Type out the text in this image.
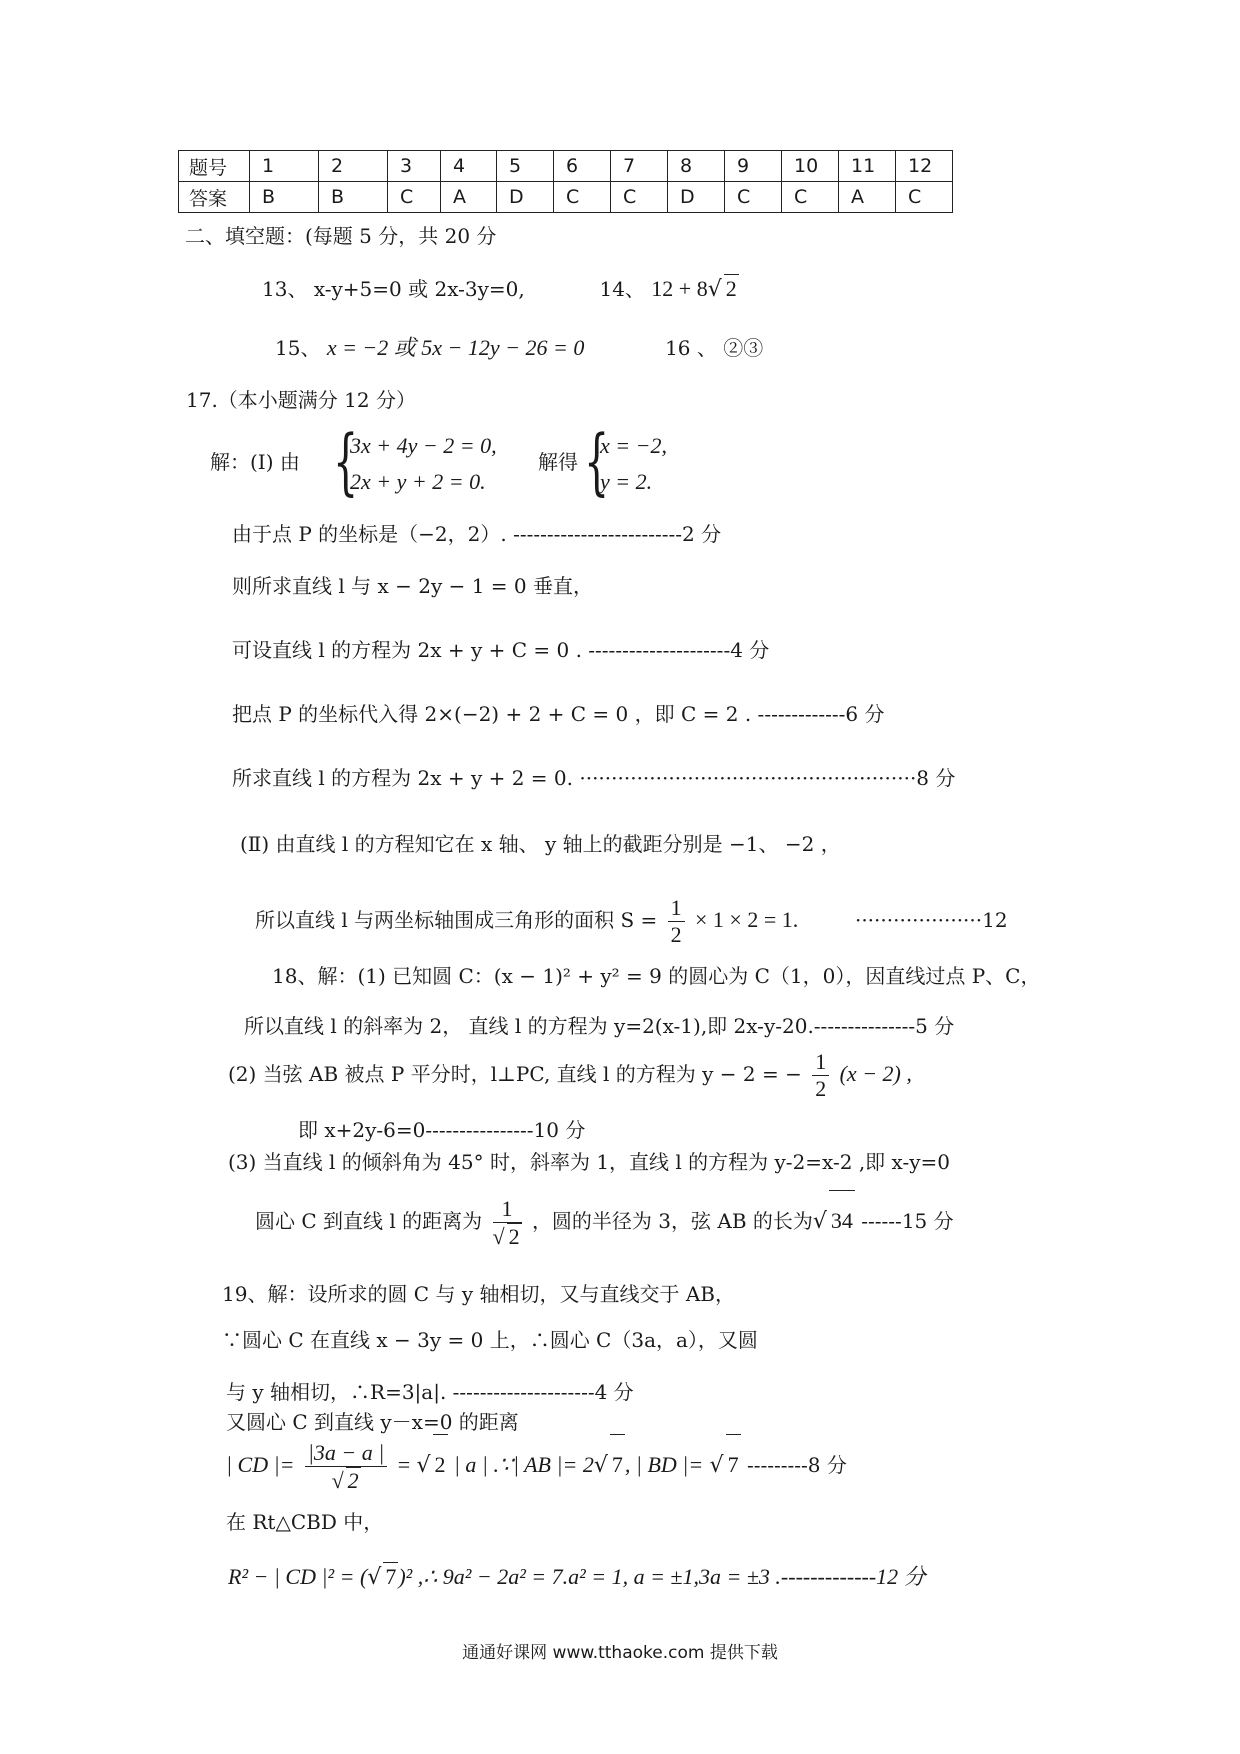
题号	1	2	3	4	5	6	7	8	9	10	11	12
答案	B	B	C	A	D	C	C	D	C	C	A	C
二、填空题：(每题 5 分，共 20 分
13、 x-y+5=0 或 2x-3y=0,	14、 12 + 8√ 2
15、 x = −2 或 5x − 12y − 26 = 0	16 、 ②③
17.（本小题满分 12 分）
解：(Ⅰ) 由 {
3x + 4y − 2 = 0,
2x + y + 2 = 0.
解得 {
x = −2,
y = 2.
由于点 P 的坐标是（−2，2）. -------------------------2 分
则所求直线 l 与 x − 2y − 1 = 0 垂直，
可设直线 l 的方程为 2x + y + C = 0 . ---------------------4 分
把点 P 的坐标代入得 2×(−2) + 2 + C = 0 ，即 C = 2 . -------------6 分
所求直线 l 的方程为 2x + y + 2 = 0. ·····················································8 分
(Ⅱ) 由直线 l 的方程知它在 x 轴、 y 轴上的截距分别是 −1、 −2 ，
所以直线 l 与两坐标轴围成三角形的面积 $S = \frac{1}{2} \times 1 \times 2 = 1$.	····················12
18、解：(1) 已知圆 C：(x − 1)² + y² = 9 的圆心为 C（1，0），因直线过点 P、C，
所以直线 l 的斜率为 2， 直线 l 的方程为 y=2(x-1),即 2x-y-20.---------------5 分
(2) 当弦 AB 被点 P 平分时，l⊥PC, 直线 l 的方程为 y − 2 = − $\frac{1}{2} (x - 2)$ ,
即 x+2y-6=0----------------10 分
(3) 当直线 l 的倾斜角为 45° 时，斜率为 1，直线 l 的方程为 y-2=x-2 ,即 x-y=0
圆心 C 到直线 l 的距离为 $\frac{1}{√ 2}$ ，圆的半径为 3，弦 AB 的长为√ 34 ------15 分
19、解：设所求的圆 C 与 y 轴相切，又与直线交于 AB，
∵圆心 C 在直线 x − 3y = 0 上，∴圆心 C（3a，a），又圆
与 y 轴相切，∴R=3|a|. ---------------------4 分
又圆心 C 到直线 y－x=0 的距离
| CD |= $\frac{|3a - a |}{√ 2}$ = √ 2 | a | .∵| AB |= 2√ 7, | BD |= √ 7 ---------8 分
在 Rt△CBD 中，
R² − | CD |² = (√ 7)² ,∴ 9a² − 2a² = 7.a² = 1, a = ±1,3a = ±3 .-------------12 分
通通好课网 www.tthaoke.com 提供下载
